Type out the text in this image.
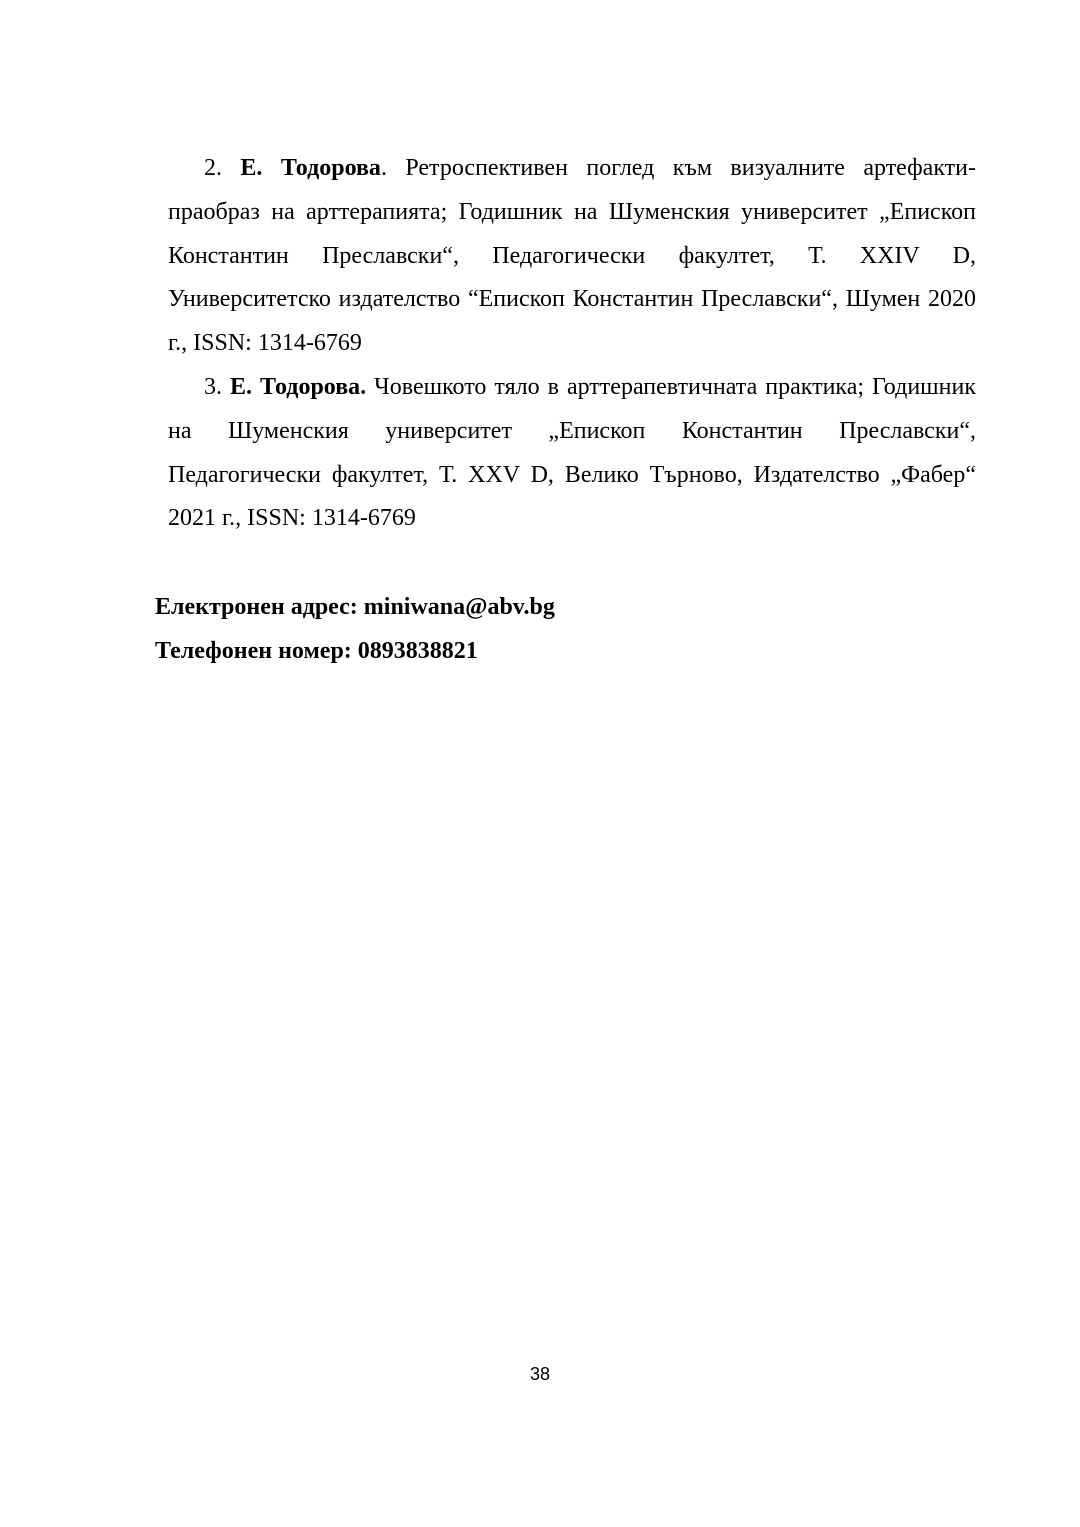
2. Е. Тодорова. Ретроспективен поглед към визуалните артефакти-праобраз на арттерапията; Годишник на Шуменския университет „Епископ Константин Преславски“, Педагогически факултет, Т. XXIV D, Университетско издателство “Епископ Константин Преславски“, Шумен 2020 г., ISSN: 1314-6769

3. Е. Тодорова. Човешкото тяло в арттерапевтичната практика; Годишник на Шуменския университет „Епископ Константин Преславски“, Педагогически факултет, Т. XXV D, Велико Търново, Издателство „Фабер“ 2021 г., ISSN: 1314-6769

Електронен адрес: miniwana@abv.bg

Телефонен номер: 0893838821

38
